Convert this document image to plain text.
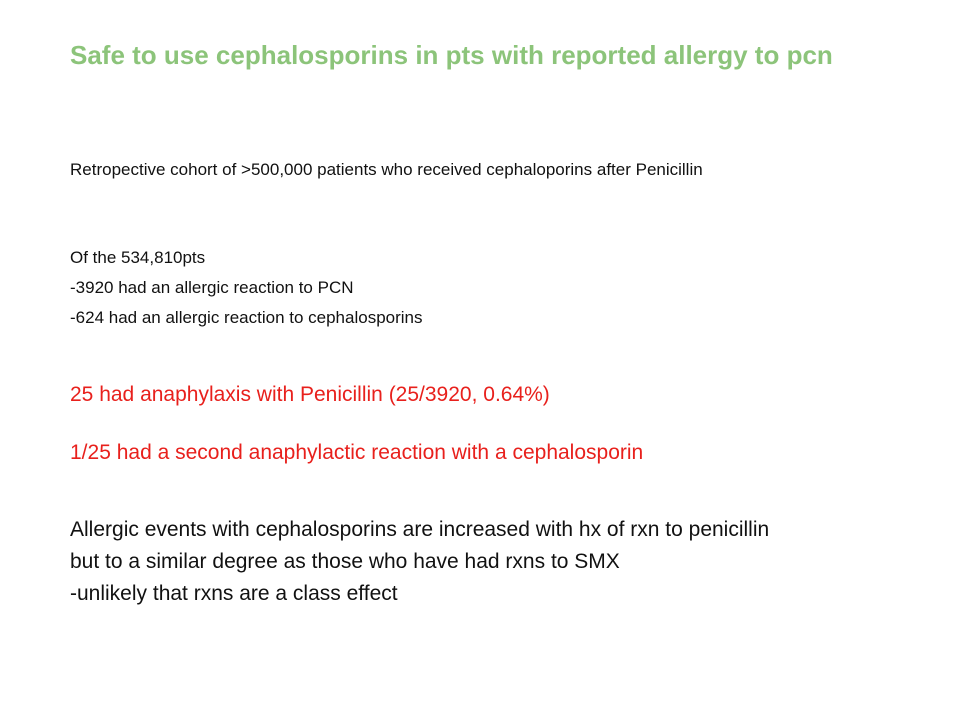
Safe to use cephalosporins in pts with reported allergy to pcn
Retropective cohort of >500,000 patients who received cephaloporins after Penicillin
Of the 534,810pts
-3920 had an allergic reaction to PCN
-624 had an allergic reaction to cephalosporins
25 had anaphylaxis with Penicillin (25/3920, 0.64%)
1/25 had a second anaphylactic reaction with a cephalosporin
Allergic events with cephalosporins are increased with hx of rxn to penicillin
but to a similar degree as those who have had rxns to SMX
-unlikely that rxns are a class effect
